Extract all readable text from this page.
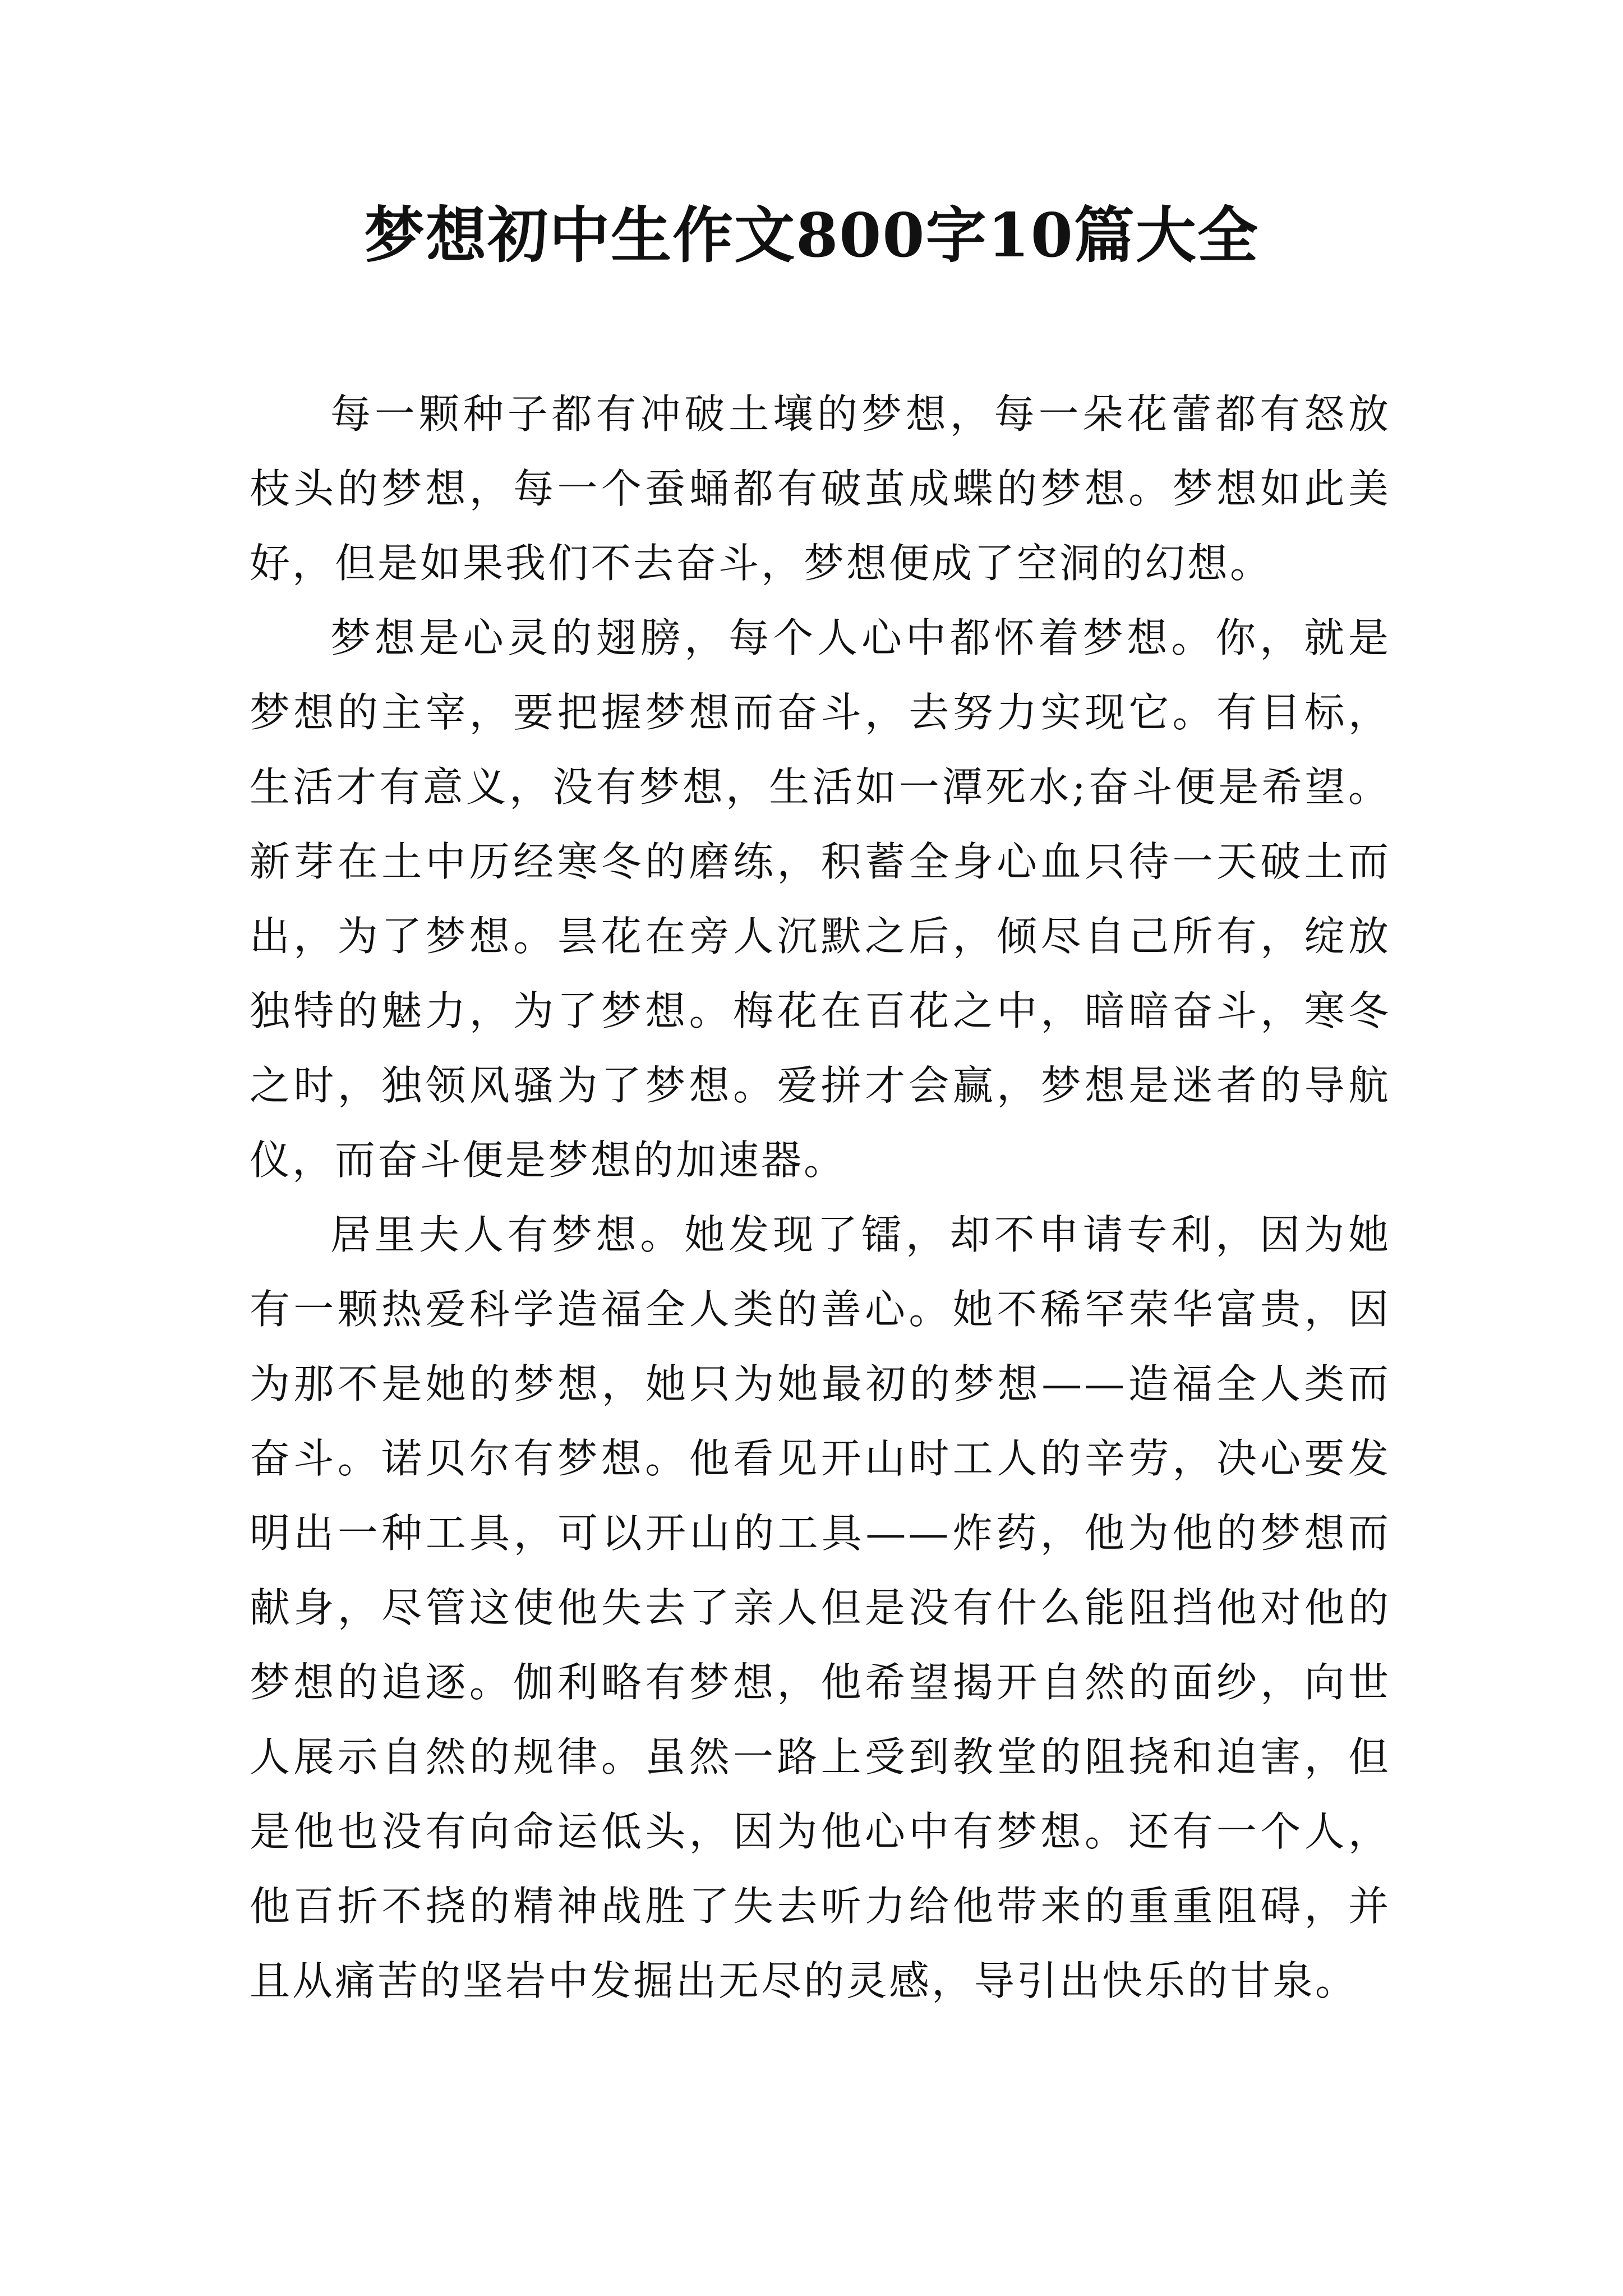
梦想初中生作文800字10篇大全

每一颗种子都有冲破土壤的梦想，每一朵花蕾都有怒放枝头的梦想，每一个蚕蛹都有破茧成蝶的梦想。梦想如此美好，但是如果我们不去奋斗，梦想便成了空洞的幻想。

梦想是心灵的翅膀，每个人心中都怀着梦想。你，就是梦想的主宰，要把握梦想而奋斗，去努力实现它。有目标，生活才有意义，没有梦想，生活如一潭死水;奋斗便是希望。新芽在土中历经寒冬的磨练，积蓄全身心血只待一天破土而出，为了梦想。昙花在旁人沉默之后，倾尽自己所有，绽放独特的魅力，为了梦想。梅花在百花之中，暗暗奋斗，寒冬之时，独领风骚为了梦想。爱拼才会赢，梦想是迷者的导航仪，而奋斗便是梦想的加速器。

居里夫人有梦想。她发现了镭，却不申请专利，因为她有一颗热爱科学造福全人类的善心。她不稀罕荣华富贵，因为那不是她的梦想，她只为她最初的梦想——造福全人类而奋斗。诺贝尔有梦想。他看见开山时工人的辛劳，决心要发明出一种工具，可以开山的工具——炸药，他为他的梦想而献身，尽管这使他失去了亲人但是没有什么能阻挡他对他的梦想的追逐。伽利略有梦想，他希望揭开自然的面纱，向世人展示自然的规律。虽然一路上受到教堂的阻挠和迫害，但是他也没有向命运低头，因为他心中有梦想。还有一个人，他百折不挠的精神战胜了失去听力给他带来的重重阻碍，并且从痛苦的坚岩中发掘出无尽的灵感，导引出快乐的甘泉。
